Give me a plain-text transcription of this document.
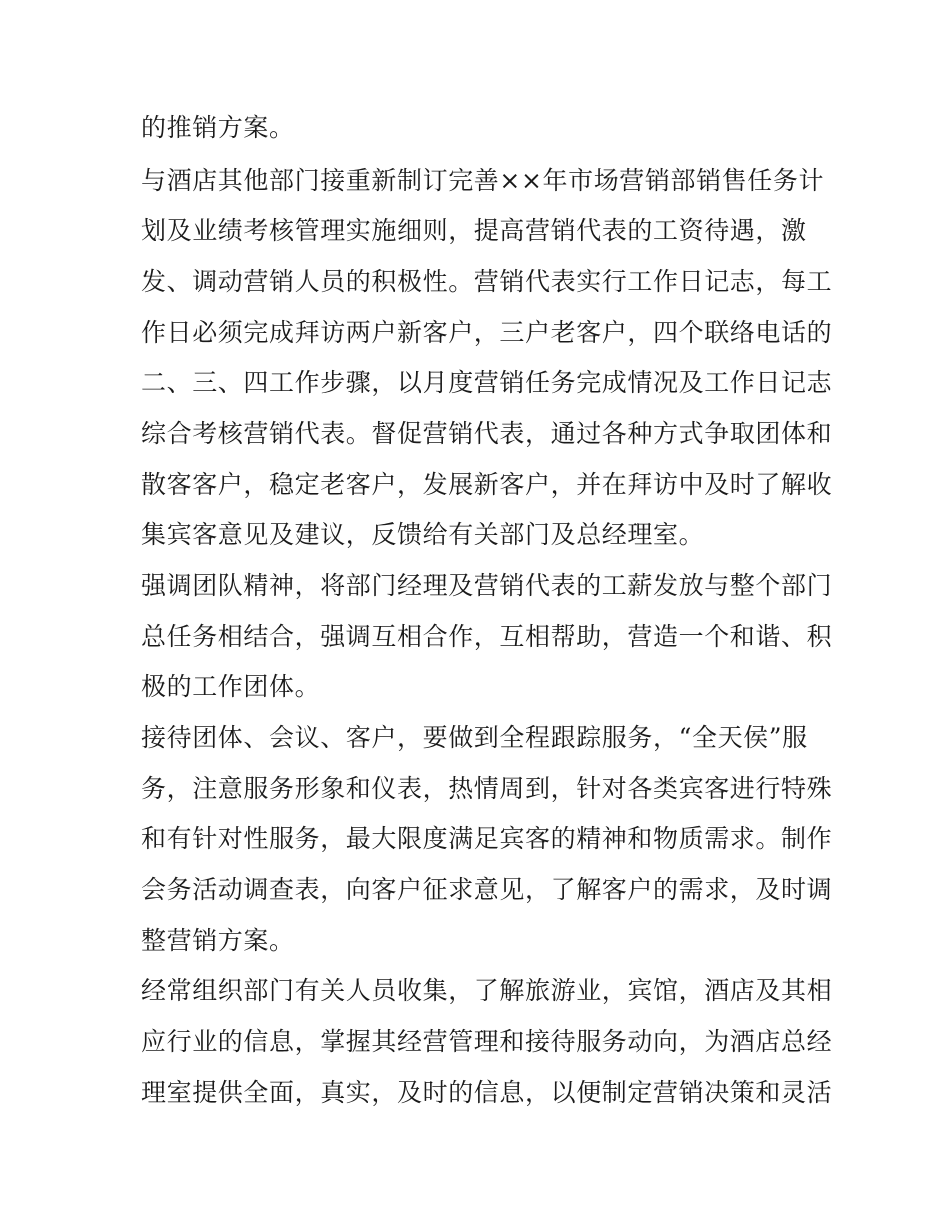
的推销方案。
与酒店其他部门接重新制订完善××年市场营销部销售任务计
划及业绩考核管理实施细则，提高营销代表的工资待遇，激
发、调动营销人员的积极性。营销代表实行工作日记志，每工
作日必须完成拜访两户新客户，三户老客户，四个联络电话的
二、三、四工作步骤，以月度营销任务完成情况及工作日记志
综合考核营销代表。督促营销代表，通过各种方式争取团体和
散客客户，稳定老客户，发展新客户，并在拜访中及时了解收
集宾客意见及建议，反馈给有关部门及总经理室。
强调团队精神，将部门经理及营销代表的工薪发放与整个部门
总任务相结合，强调互相合作，互相帮助，营造一个和谐、积
极的工作团体。
接待团体、会议、客户，要做到全程跟踪服务，“全天侯”服
务，注意服务形象和仪表，热情周到，针对各类宾客进行特殊
和有针对性服务，最大限度满足宾客的精神和物质需求。制作
会务活动调查表，向客户征求意见，了解客户的需求，及时调
整营销方案。
经常组织部门有关人员收集，了解旅游业，宾馆，酒店及其相
应行业的信息，掌握其经营管理和接待服务动向，为酒店总经
理室提供全面，真实，及时的信息，以便制定营销决策和灵活
